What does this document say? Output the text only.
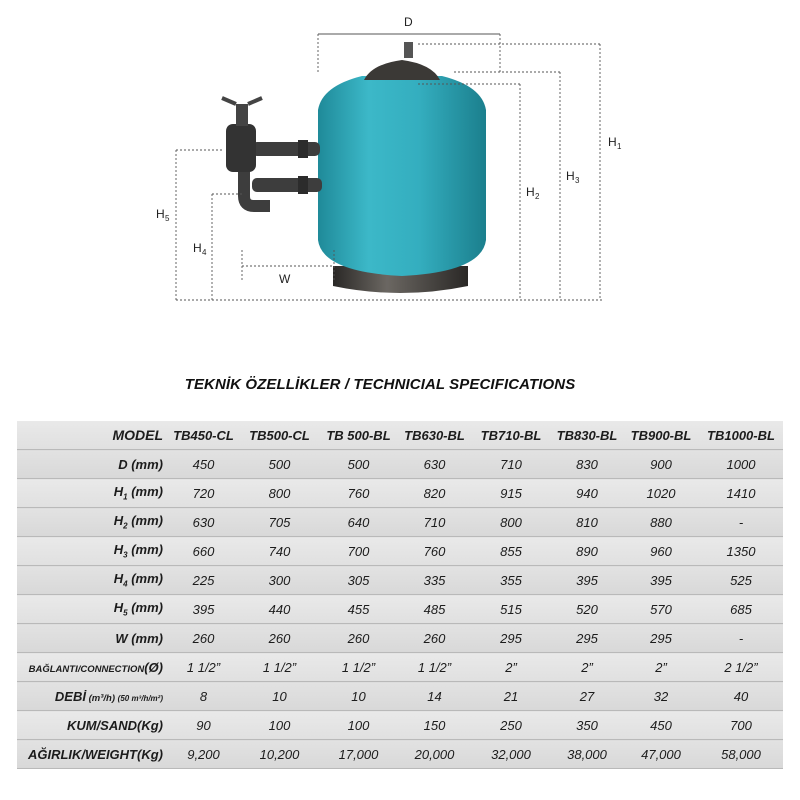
D
H 1
H 3
H 2
H 5
H 4
W
TEKNİK ÖZELLİKLER / TECHNICIAL SPECIFICATIONS
MODEL	TB450-CL	TB500-CL	TB 500-BL	TB630-BL	TB710-BL	TB830-BL	TB900-BL	TB1000-BL
D (mm)	450	500	500	630	710	830	900	1000
$H_1$ (mm)	720	800	760	820	915	940	1020	1410
$H_2$ (mm)	630	705	640	710	800	810	880	-
$H_3$ (mm)	660	740	700	760	855	890	960	1350
$H_4$ (mm)	225	300	305	335	355	395	395	525
$H_5$ (mm)	395	440	455	485	515	520	570	685
W (mm)	260	260	260	260	295	295	295	-
BAĞLANTI/CONNECTION(Ø)	1 1/2”	1 1/2”	1 1/2”	1 1/2”	2”	2”	2”	2 1/2”
DEBİ (m³/h) (50 m³/h/m²)	8	10	10	14	21	27	32	40
KUM/SAND(Kg)	90	100	100	150	250	350	450	700
AĞIRLIK/WEIGHT(Kg)	9,200	10,200	17,000	20,000	32,000	38,000	47,000	58,000
